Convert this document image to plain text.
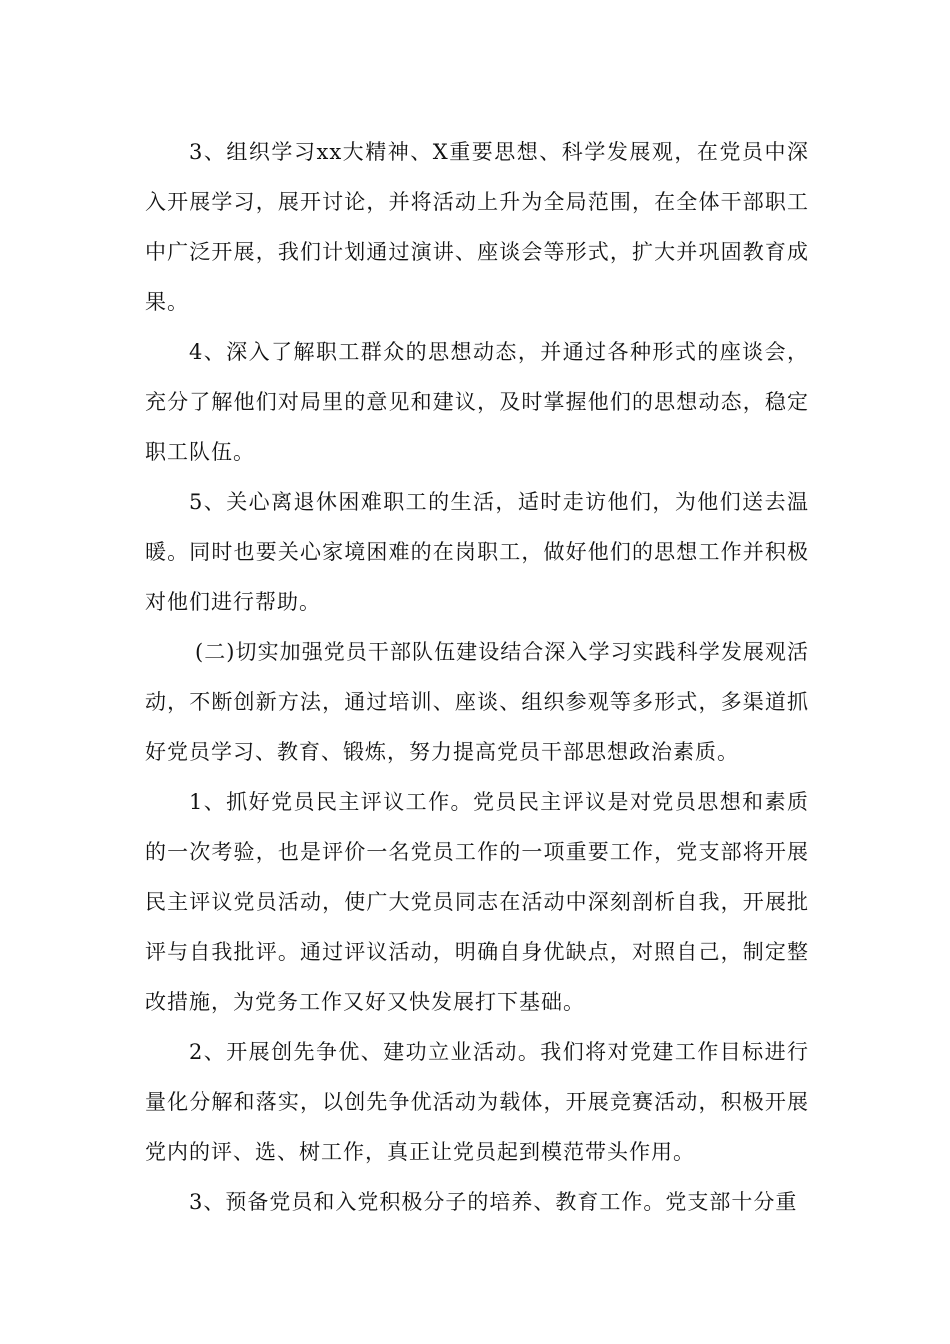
3、组织学习xx大精神、X重要思想、科学发展观，在党员中深入开展学习，展开讨论，并将活动上升为全局范围，在全体干部职工中广泛开展，我们计划通过演讲、座谈会等形式，扩大并巩固教育成果。

4、深入了解职工群众的思想动态，并通过各种形式的座谈会，充分了解他们对局里的意见和建议，及时掌握他们的思想动态，稳定职工队伍。

5、关心离退休困难职工的生活，适时走访他们，为他们送去温暖。同时也要关心家境困难的在岗职工，做好他们的思想工作并积极对他们进行帮助。

(二)切实加强党员干部队伍建设结合深入学习实践科学发展观活动，不断创新方法，通过培训、座谈、组织参观等多形式，多渠道抓好党员学习、教育、锻炼，努力提高党员干部思想政治素质。

1、抓好党员民主评议工作。党员民主评议是对党员思想和素质的一次考验，也是评价一名党员工作的一项重要工作，党支部将开展民主评议党员活动，使广大党员同志在活动中深刻剖析自我，开展批评与自我批评。通过评议活动，明确自身优缺点，对照自己，制定整改措施，为党务工作又好又快发展打下基础。

2、开展创先争优、建功立业活动。我们将对党建工作目标进行量化分解和落实，以创先争优活动为载体，开展竞赛活动，积极开展党内的评、选、树工作，真正让党员起到模范带头作用。

3、预备党员和入党积极分子的培养、教育工作。党支部十分重
